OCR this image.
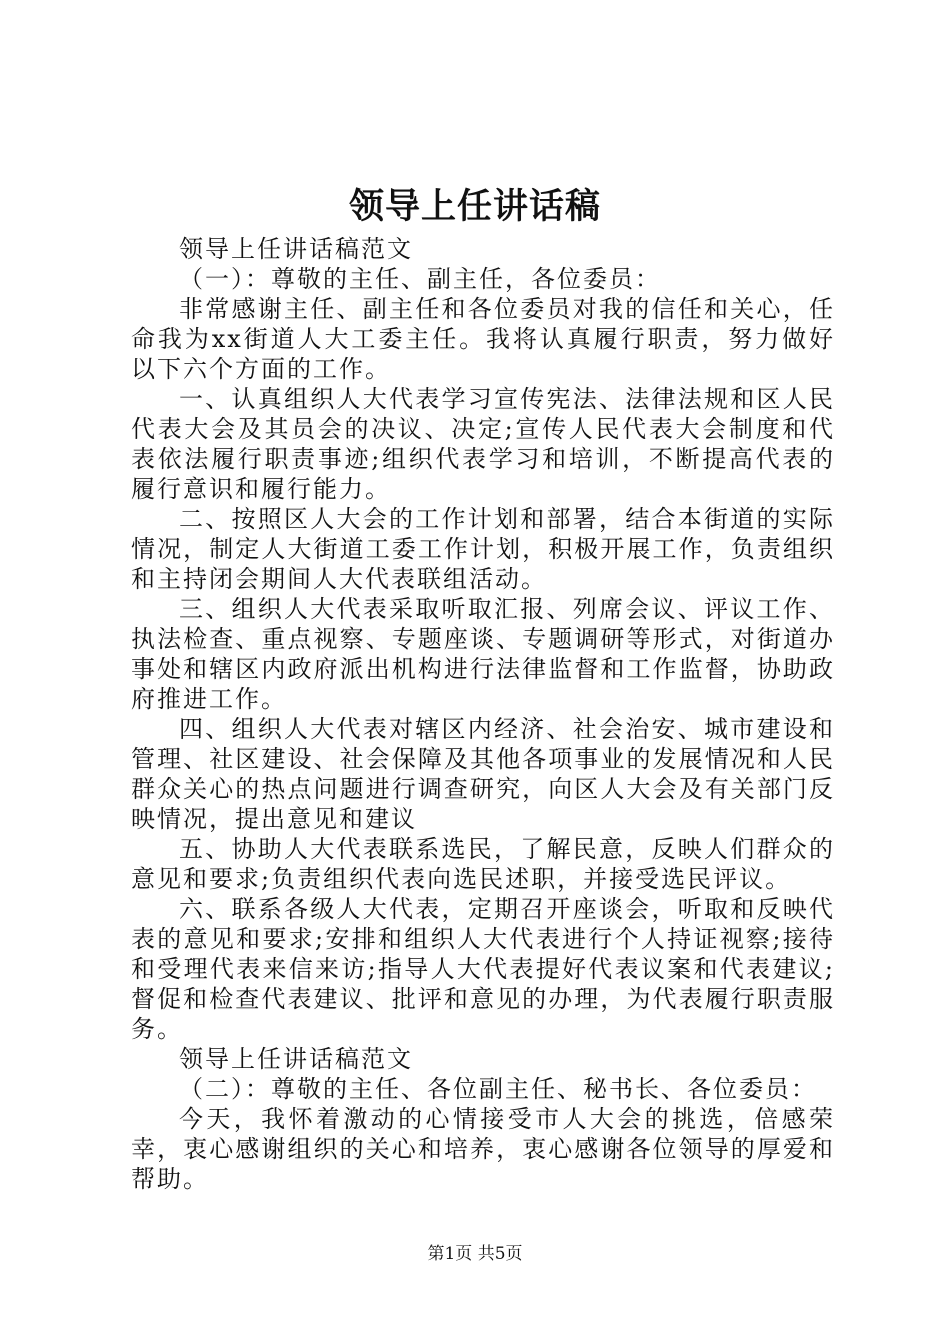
领导上任讲话稿

领导上任讲话稿范文

（一）：尊敬的主任、副主任，各位委员：

非常感谢主任、副主任和各位委员对我的信任和关心，任命我为xx街道人大工委主任。我将认真履行职责，努力做好以下六个方面的工作。

一、认真组织人大代表学习宣传宪法、法律法规和区人民代表大会及其员会的决议、决定;宣传人民代表大会制度和代表依法履行职责事迹;组织代表学习和培训，不断提高代表的履行意识和履行能力。

二、按照区人大会的工作计划和部署，结合本街道的实际情况，制定人大街道工委工作计划，积极开展工作，负责组织和主持闭会期间人大代表联组活动。

三、组织人大代表采取听取汇报、列席会议、评议工作、执法检查、重点视察、专题座谈、专题调研等形式，对街道办事处和辖区内政府派出机构进行法律监督和工作监督，协助政府推进工作。

四、组织人大代表对辖区内经济、社会治安、城市建设和管理、社区建设、社会保障及其他各项事业的发展情况和人民群众关心的热点问题进行调查研究，向区人大会及有关部门反映情况，提出意见和建议

五、协助人大代表联系选民，了解民意，反映人们群众的意见和要求;负责组织代表向选民述职，并接受选民评议。

六、联系各级人大代表，定期召开座谈会，听取和反映代表的意见和要求;安排和组织人大代表进行个人持证视察;接待和受理代表来信来访;指导人大代表提好代表议案和代表建议;督促和检查代表建议、批评和意见的办理，为代表履行职责服务。

领导上任讲话稿范文

（二）：尊敬的主任、各位副主任、秘书长、各位委员：

今天，我怀着激动的心情接受市人大会的挑选，倍感荣幸，衷心感谢组织的关心和培养，衷心感谢各位领导的厚爱和帮助。

第1页 共5页
